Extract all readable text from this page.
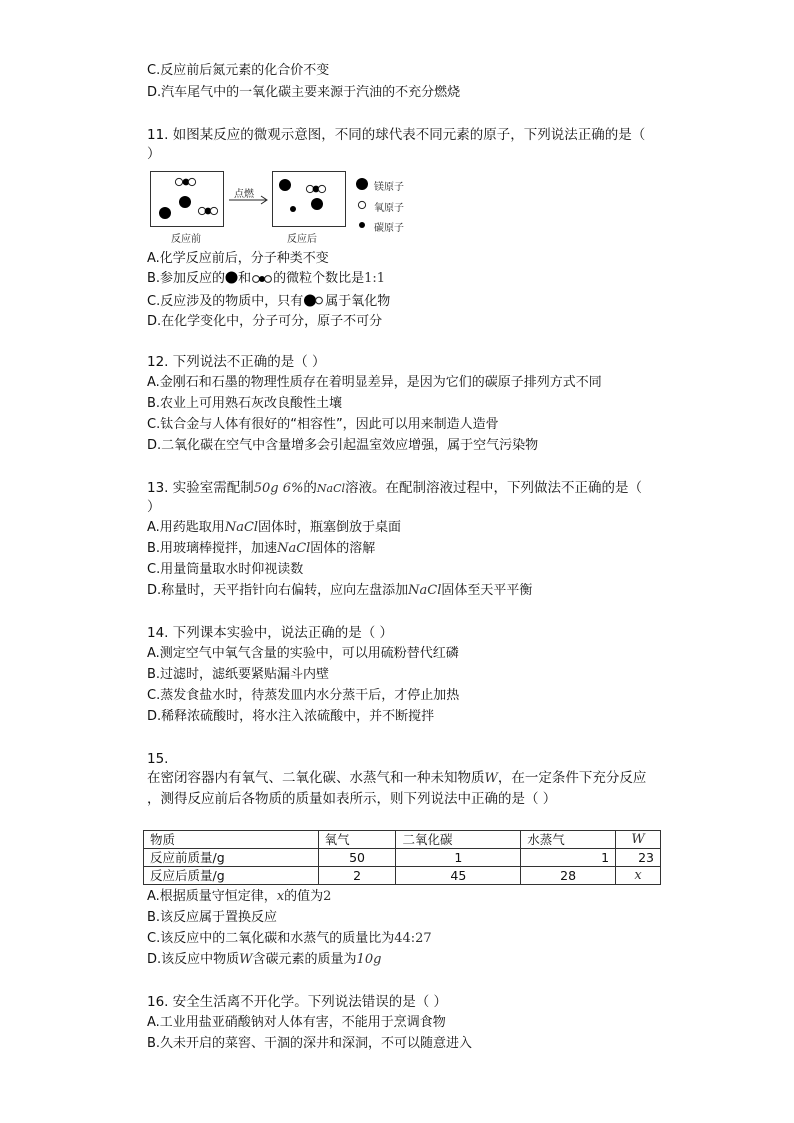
C.反应前后氮元素的化合价不变
D.汽车尾气中的一氧化碳主要来源于汽油的不充分燃烧
11. 如图某反应的微观示意图，不同的球代表不同元素的原子，下列说法正确的是（
）
反应前
点燃
反应后
镁原子
氧原子
碳原子
A.化学反应前后，分子种类不变
B.参加反应的 和 的微粒个数比是1:1
C.反应涉及的物质中，只有 属于氧化物
D.在化学变化中，分子可分，原子不可分
12. 下列说法不正确的是（ ）
A.金刚石和石墨的物理性质存在着明显差异，是因为它们的碳原子排列方式不同
B.农业上可用熟石灰改良酸性土壤
C.钛合金与人体有很好的“相容性”，因此可以用来制造人造骨
D.二氧化碳在空气中含量增多会引起温室效应增强，属于空气污染物
13. 实验室需配制50g 6%的NaCl溶液。在配制溶液过程中，下列做法不正确的是（
）
A.用药匙取用NaCl固体时，瓶塞倒放于桌面
B.用玻璃棒搅拌，加速NaCl固体的溶解
C.用量筒量取水时仰视读数
D.称量时，天平指针向右偏转，应向左盘添加NaCl固体至天平平衡
14. 下列课本实验中，说法正确的是（ ）
A.测定空气中氧气含量的实验中，可以用硫粉替代红磷
B.过滤时，滤纸要紧贴漏斗内壁
C.蒸发食盐水时，待蒸发皿内水分蒸干后，才停止加热
D.稀释浓硫酸时，将水注入浓硫酸中，并不断搅拌
15.
在密闭容器内有氧气、二氧化碳、水蒸气和一种未知物质W，在一定条件下充分反应
，测得反应前后各物质的质量如表所示，则下列说法中正确的是（ ）
物质	氧气	二氧化碳	水蒸气	W
反应前质量/g	50	1	1	23
反应后质量/g	2	45	28	x
A.根据质量守恒定律，x的值为2
B.该反应属于置换反应
C.该反应中的二氧化碳和水蒸气的质量比为44:27
D.该反应中物质W含碳元素的质量为10g
16. 安全生活离不开化学。下列说法错误的是（ ）
A.工业用盐亚硝酸钠对人体有害，不能用于烹调食物
B.久未开启的菜窖、干涸的深井和深洞，不可以随意进入
